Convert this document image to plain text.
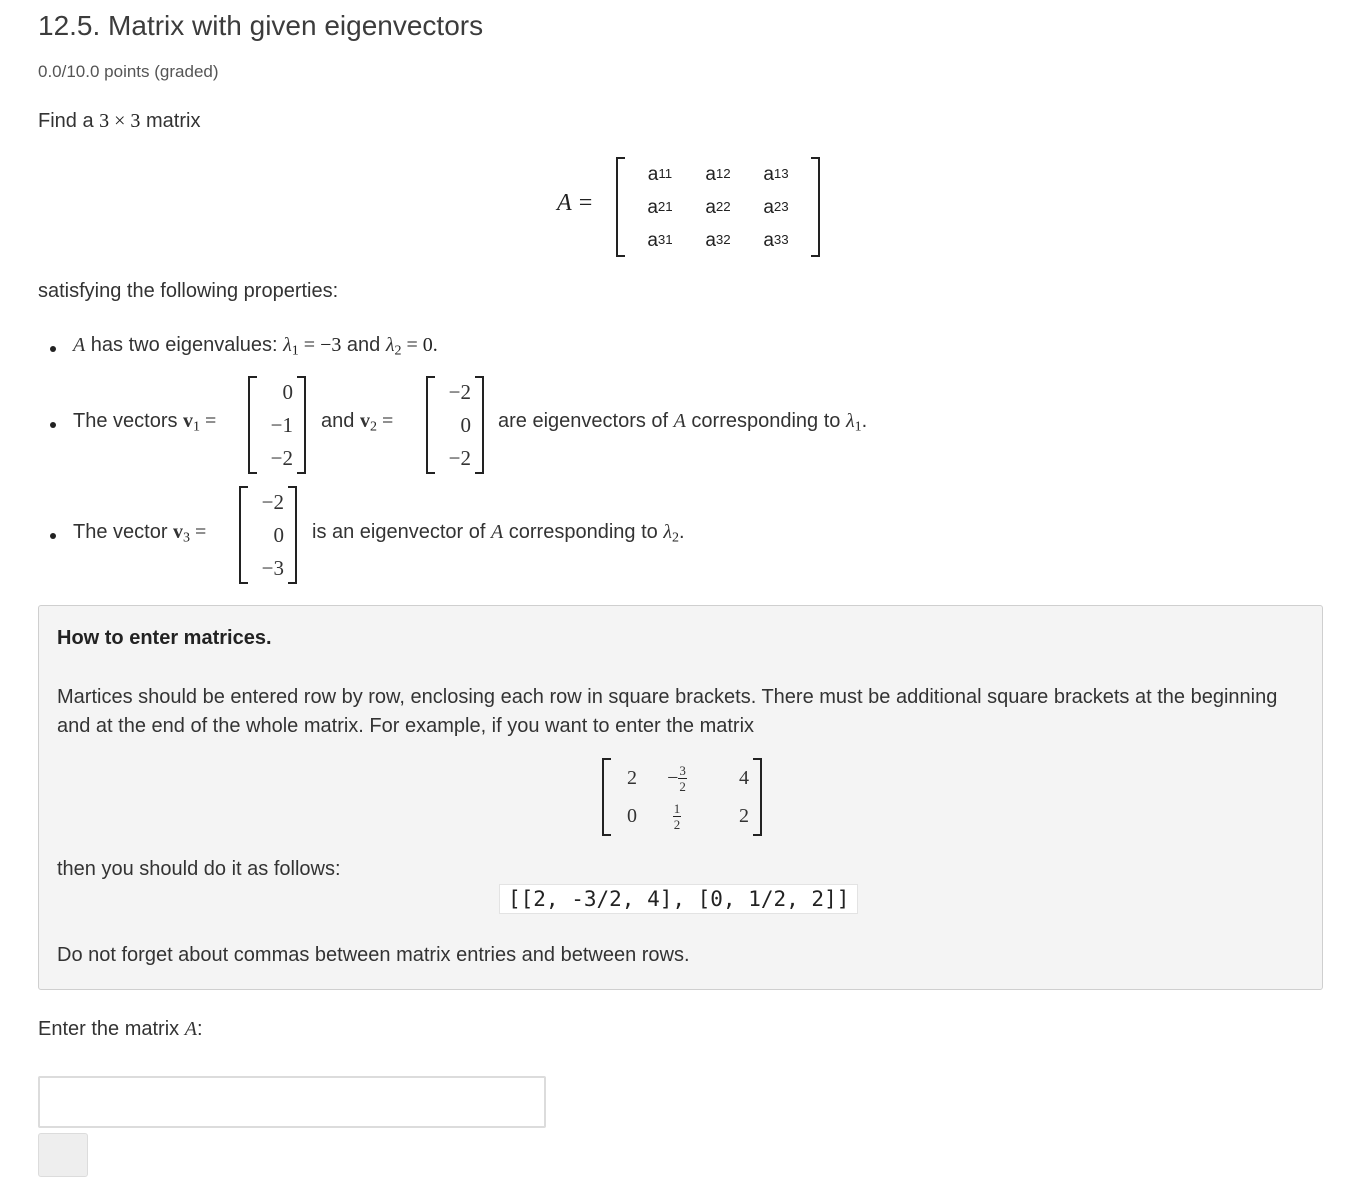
12.5. Matrix with given eigenvectors
0.0/10.0 points (graded)
Find a 3 × 3 matrix
A =
a 11 a 12 a 13
a 21 a 22 a 23
a 31 a 32 a 33
satisfying the following properties:
A has two eigenvalues: $\lambda_1 = -3$ and $\lambda_2 = 0$.
The vectors $v_1$ =
0
−1
−2
and $v_2$ =
−2
0
−2
are eigenvectors of A corresponding to $\lambda_1$.
The vector $v_3$ =
−2
0
−3
is an eigenvector of A corresponding to $\lambda_2$.
How to enter matrices.
Martices should be entered row by row, enclosing each row in square brackets. There must be additional square brackets at the beginning and at the end of the whole matrix. For example, if you want to enter the matrix
2	− $\frac{3}{2}$	4
0	$\frac{1}{2}$	2
then you should do it as follows:
[[2, -3/2, 4], [0, 1/2, 2]]
Do not forget about commas between matrix entries and between rows.
Enter the matrix A:
